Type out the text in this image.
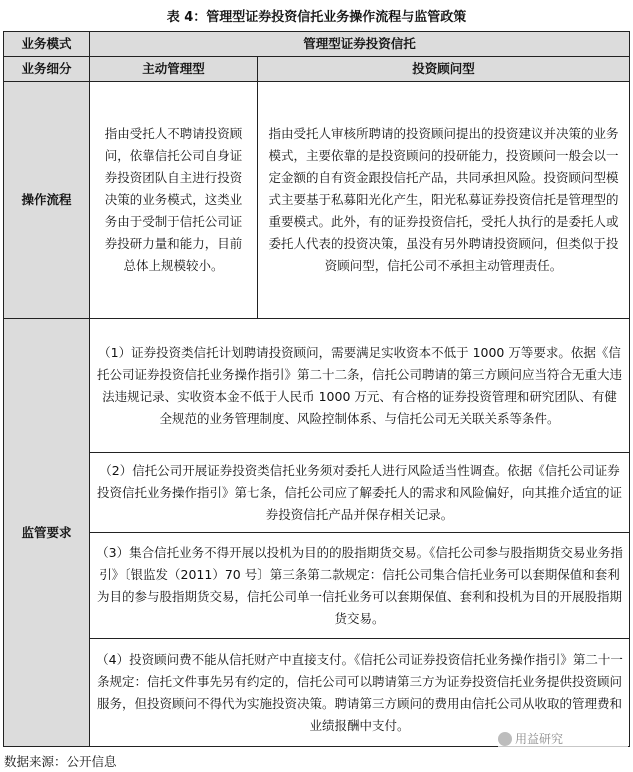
表 4：管理型证券投资信托业务操作流程与监管政策
业务模式	管理型证券投资信托	
业务细分	主动管理型	投资顾问型
操作流程	指由受托人不聘请投资顾问，依靠信托公司自身证券投资团队自主进行投资决策的业务模式，这类业务由于受制于信托公司证券投研力量和能力，目前总体上规模较小。	指由受托人审核所聘请的投资顾问提出的投资建议并决策的业务模式，主要依靠的是投资顾问的投研能力，投资顾问一般会以一定金额的自有资金跟投信托产品，共同承担风险。投资顾问型模式主要基于私募阳光化产生，阳光私募证券投资信托是管理型的重要模式。此外，有的证券投资信托，受托人执行的是委托人或委托人代表的投资决策，虽没有另外聘请投资顾问，但类似于投资顾问型，信托公司不承担主动管理责任。
监管要求	（1）证券投资类信托计划聘请投资顾问，需要满足实收资本不低于 1000 万等要求。依据《信托公司证券投资信托业务操作指引》第二十二条，信托公司聘请的第三方顾问应当符合无重大违法违规记录、实收资本金不低于人民币 1000 万元、有合格的证券投资管理和研究团队、有健全规范的业务管理制度、风险控制体系、与信托公司无关联关系等条件。	
	（2）信托公司开展证券投资类信托业务须对委托人进行风险适当性调查。依据《信托公司证券投资信托业务操作指引》第七条，信托公司应了解委托人的需求和风险偏好，向其推介适宜的证券投资信托产品并保存相关记录。	
	（3）集合信托业务不得开展以投机为目的的股指期货交易。《信托公司参与股指期货交易业务指引》〔银监发（2011）70 号〕第三条第二款规定：信托公司集合信托业务可以套期保值和套利为目的参与股指期货交易，信托公司单一信托业务可以套期保值、套利和投机为目的开展股指期货交易。	
	（4）投资顾问费不能从信托财产中直接支付。《信托公司证券投资信托业务操作指引》第二十一条规定：信托文件事先另有约定的，信托公司可以聘请第三方为证券投资信托业务提供投资顾问服务，但投资顾问不得代为实施投资决策。聘请第三方顾问的费用由信托公司从收取的管理费和业绩报酬中支付。	
用益研究
数据来源：公开信息
